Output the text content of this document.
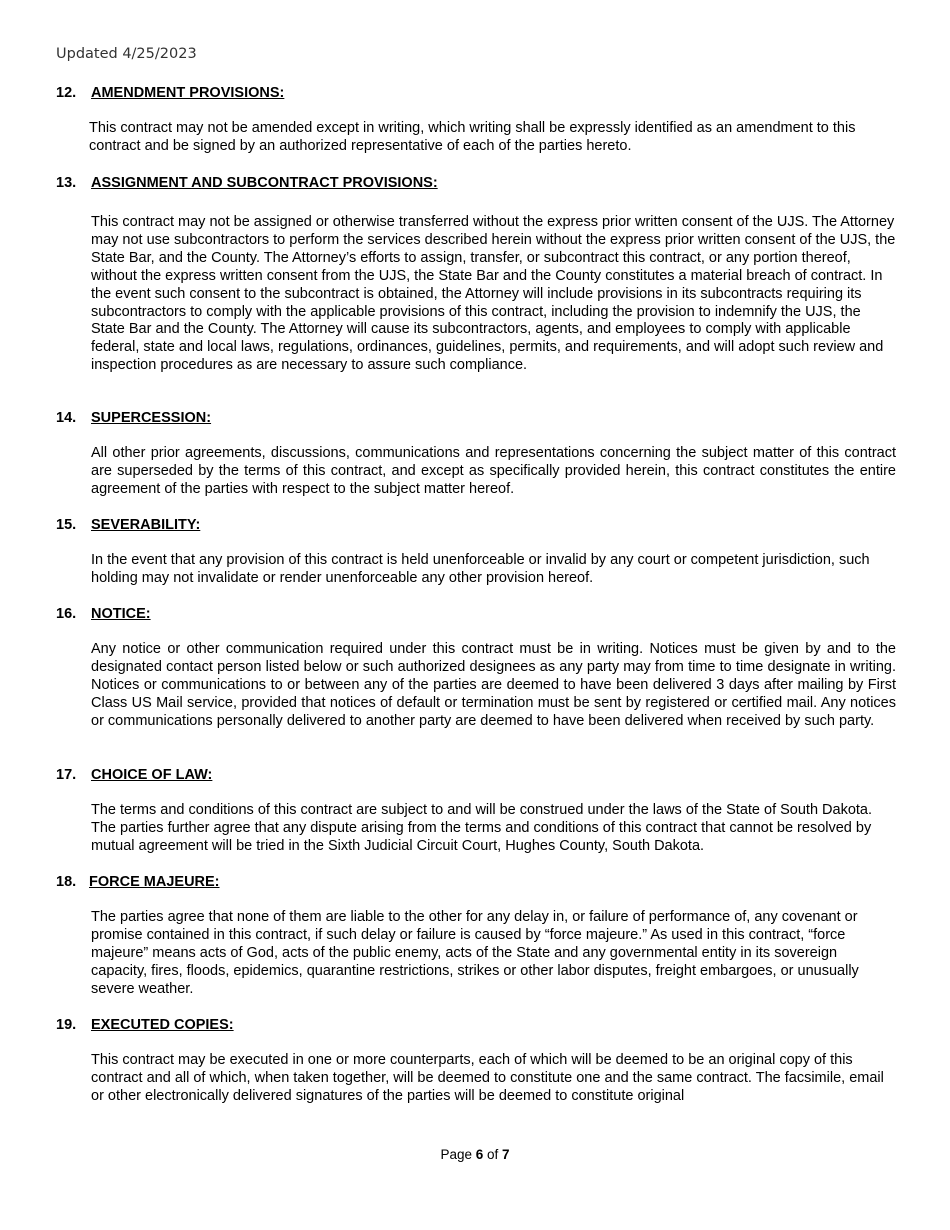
Updated 4/25/2023
12.	AMENDMENT PROVISIONS:
This contract may not be amended except in writing, which writing shall be expressly identified as an amendment to this contract and be signed by an authorized representative of each of the parties hereto.
13.	ASSIGNMENT AND SUBCONTRACT PROVISIONS:
This contract may not be assigned or otherwise transferred without the express prior written consent of the UJS. The Attorney may not use subcontractors to perform the services described herein without the express prior written consent of the UJS, the State Bar, and the County. The Attorney’s efforts to assign, transfer, or subcontract this contract, or any portion thereof, without the express written consent from the UJS, the State Bar and the County constitutes a material breach of contract. In the event such consent to the subcontract is obtained, the Attorney will include provisions in its subcontracts requiring its subcontractors to comply with the applicable provisions of this contract, including the provision to indemnify the UJS, the State Bar and the County. The Attorney will cause its subcontractors, agents, and employees to comply with applicable federal, state and local laws, regulations, ordinances, guidelines, permits, and requirements, and will adopt such review and inspection procedures as are necessary to assure such compliance.
14.	SUPERCESSION:
All other prior agreements, discussions, communications and representations concerning the subject matter of this contract are superseded by the terms of this contract, and except as specifically provided herein, this contract constitutes the entire agreement of the parties with respect to the subject matter hereof.
15.	SEVERABILITY:
In the event that any provision of this contract is held unenforceable or invalid by any court or competent jurisdiction, such holding may not invalidate or render unenforceable any other provision hereof.
16.	NOTICE:
Any notice or other communication required under this contract must be in writing. Notices must be given by and to the designated contact person listed below or such authorized designees as any party may from time to time designate in writing. Notices or communications to or between any of the parties are deemed to have been delivered 3 days after mailing by First Class US Mail service, provided that notices of default or termination must be sent by registered or certified mail. Any notices or communications personally delivered to another party are deemed to have been delivered when received by such party.
17.	CHOICE OF LAW:
The terms and conditions of this contract are subject to and will be construed under the laws of the State of South Dakota. The parties further agree that any dispute arising from the terms and conditions of this contract that cannot be resolved by mutual agreement will be tried in the Sixth Judicial Circuit Court, Hughes County, South Dakota.
18. FORCE MAJEURE:
The parties agree that none of them are liable to the other for any delay in, or failure of performance of, any covenant or promise contained in this contract, if such delay or failure is caused by “force majeure.” As used in this contract, “force majeure” means acts of God, acts of the public enemy, acts of the State and any governmental entity in its sovereign capacity, fires, floods, epidemics, quarantine restrictions, strikes or other labor disputes, freight embargoes, or unusually severe weather.
19.	EXECUTED COPIES:
This contract may be executed in one or more counterparts, each of which will be deemed to be an original copy of this contract and all of which, when taken together, will be deemed to constitute one and the same contract. The facsimile, email or other electronically delivered signatures of the parties will be deemed to constitute original
Page 6 of 7
